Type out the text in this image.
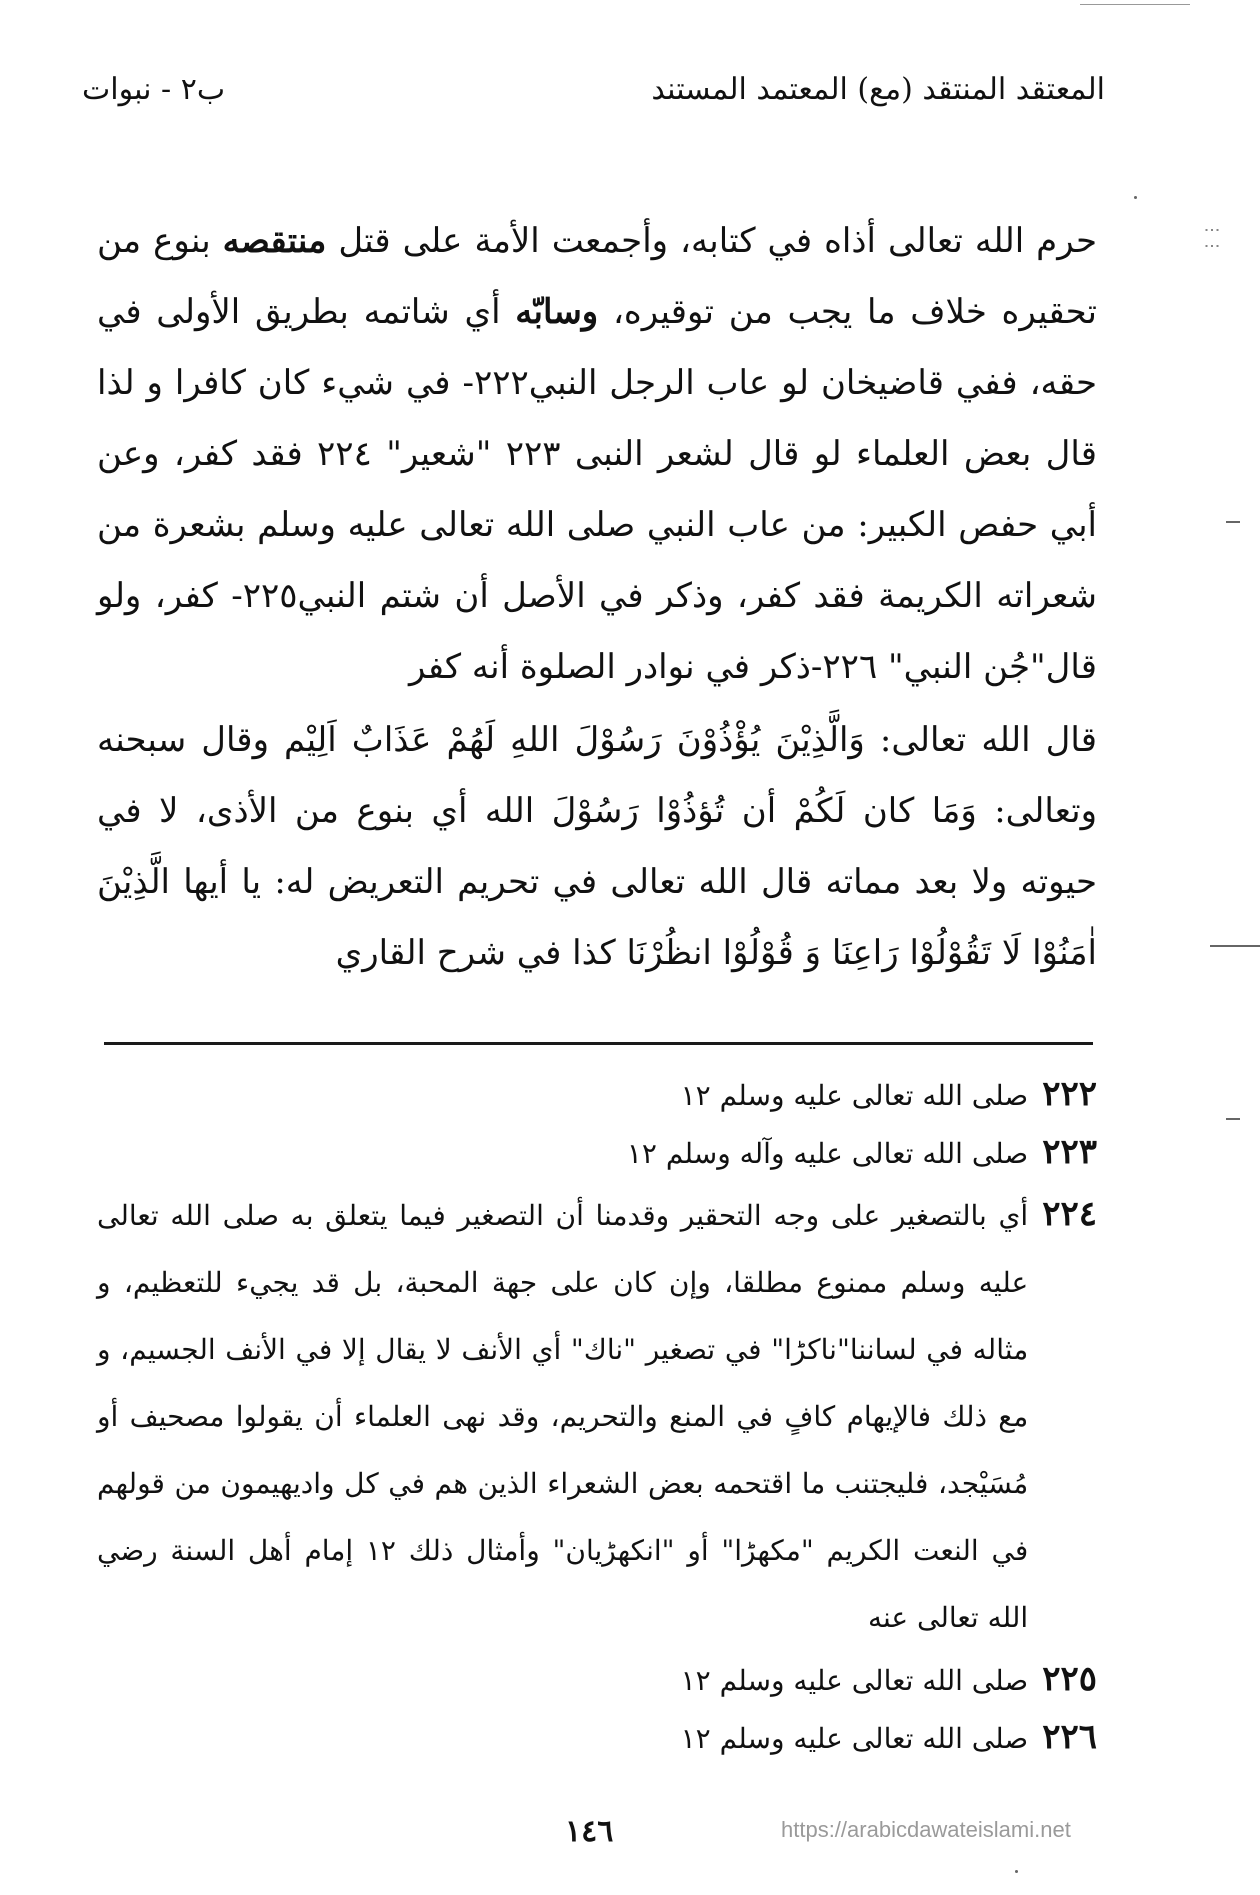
المعتقد المنتقد (مع) المعتمد المستند
ب٢ - نبوات

حرم الله تعالى أذاه في كتابه، وأجمعت الأمة على قتل منتقصه بنوع من تحقيره خلاف ما يجب من توقيره، وسابّه أي شاتمه بطريق الأولى في حقه، ففي قاضيخان لو عاب الرجل النبي٢٢٢- في شيء كان كافرا و لذا قال بعض العلماء لو قال لشعر النبى ٢٢٣ "شعير" ٢٢٤ فقد كفر، وعن أبي حفص الكبير: من عاب النبي صلى الله تعالى عليه وسلم بشعرة من شعراته الكريمة فقد كفر، وذكر في الأصل أن شتم النبي٢٢٥- كفر، ولو قال"جُن النبي" ٢٢٦-ذكر في نوادر الصلوة أنه كفر

قال الله تعالى: وَالَّذِيْنَ يُؤْذُوْنَ رَسُوْلَ اللهِ لَهُمْ عَذَابٌ اَلِيْم وقال سبحنه وتعالى: وَمَا كان لَكُمْ أن تُؤذُوْا رَسُوْلَ الله أي بنوع من الأذى، لا في حيوته ولا بعد مماته قال الله تعالى في تحريم التعريض له: يا أيها الَّذِيْنَ اٰمَنُوْا لَا تَقُوْلُوْا رَاعِنَا وَ قُوْلُوْا انظُرْنَا كذا في شرح القاري

٢٢٢
صلى الله تعالى عليه وسلم ١٢
٢٢٣
صلى الله تعالى عليه وآله وسلم ١٢
٢٢٤
أي بالتصغير على وجه التحقير وقدمنا أن التصغير فيما يتعلق به صلى الله تعالى عليه وسلم ممنوع مطلقا، وإن كان على جهة المحبة، بل قد يجيء للتعظيم، و مثاله في لساننا"ناكڑا" في تصغير "ناك" أي الأنف لا يقال إلا في الأنف الجسيم، و مع ذلك فالإيهام كافٍ في المنع والتحريم، وقد نهى العلماء أن يقولوا مصحيف أو مُسَيْجد، فليجتنب ما اقتحمه بعض الشعراء الذين هم في كل واديهيمون من قولهم في النعت الكريم "مكهڑا" أو "انكهڑيان" وأمثال ذلك ١٢ إمام أهل السنة رضي الله تعالى عنه
٢٢٥
صلى الله تعالى عليه وسلم ١٢
٢٢٦
صلى الله تعالى عليه وسلم ١٢
١٤٦	https://arabicdawateislami.net
⋮⋮
